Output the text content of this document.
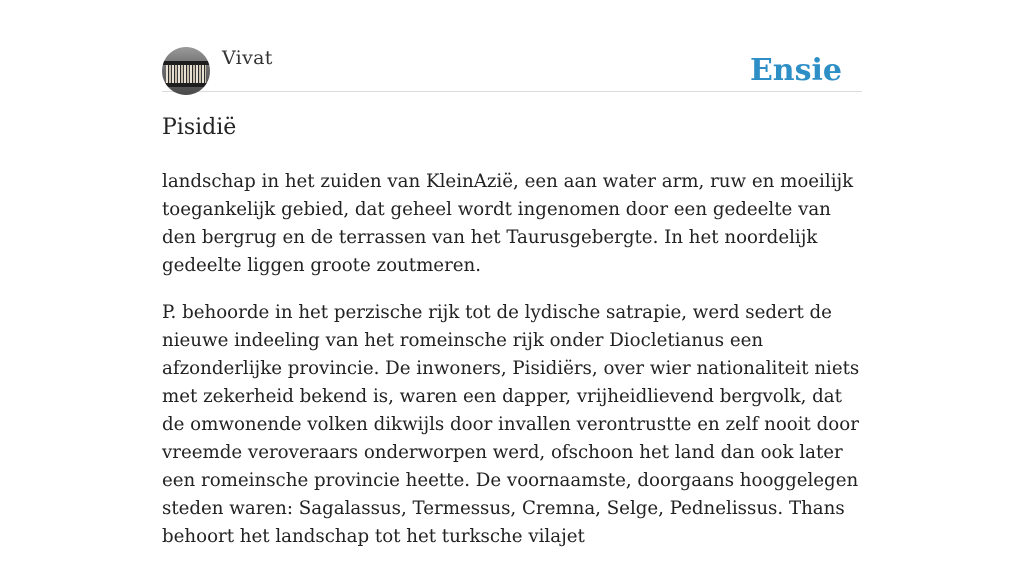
Vivat	Ensie
Pisidië

landschap in het zuiden van KleinAzië, een aan water arm, ruw en moeilijk toegankelijk gebied, dat geheel wordt ingenomen door een gedeelte van den bergrug en de terrassen van het Taurusgebergte. In het noordelijk gedeelte liggen groote zoutmeren.

P. behoorde in het perzische rijk tot de lydische satrapie, werd sedert de nieuwe indeeling van het romeinsche rijk onder Diocletianus een afzonderlijke provincie. De inwoners, Pisidiërs, over wier nationaliteit niets met zekerheid bekend is, waren een dapper, vrijheidlievend bergvolk, dat de omwonende volken dikwijls door invallen verontrustte en zelf nooit door vreemde veroveraars onderworpen werd, ofschoon het land dan ook later een romeinsche provincie heette. De voornaamste, doorgaans hooggelegen steden waren: Sagalassus, Termessus, Cremna, Selge, Pednelissus. Thans behoort het landschap tot het turksche vilajet
